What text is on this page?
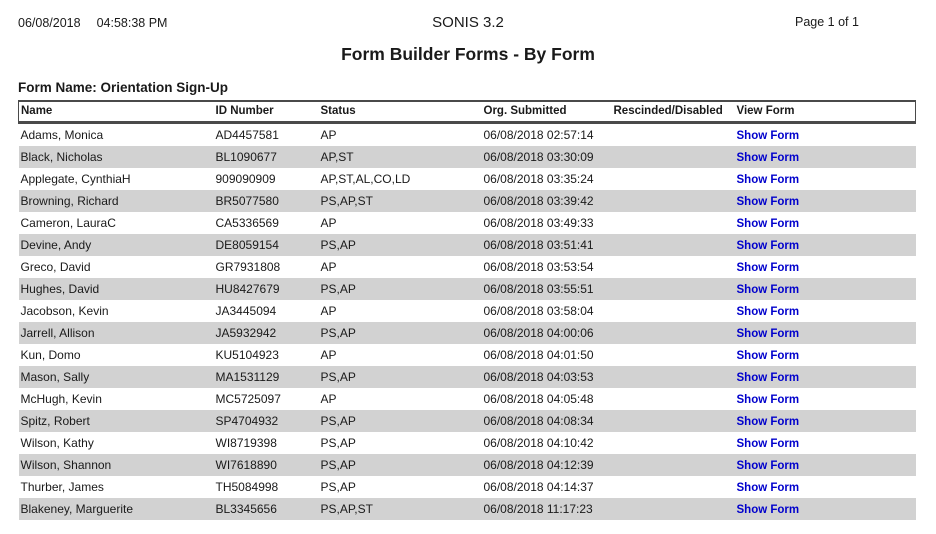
06/08/2018 04:58:38 PM	SONIS 3.2	Page 1 of 1
Form Builder Forms - By Form
Form Name: Orientation Sign-Up
Name	ID Number	Status	Org. Submitted	Rescinded/Disabled	View Form
Adams, Monica	AD4457581	AP	06/08/2018 02:57:14		Show Form
Black, Nicholas	BL1090677	AP,ST	06/08/2018 03:30:09		Show Form
Applegate, CynthiaH	909090909	AP,ST,AL,CO,LD	06/08/2018 03:35:24		Show Form
Browning, Richard	BR5077580	PS,AP,ST	06/08/2018 03:39:42		Show Form
Cameron, LauraC	CA5336569	AP	06/08/2018 03:49:33		Show Form
Devine, Andy	DE8059154	PS,AP	06/08/2018 03:51:41		Show Form
Greco, David	GR7931808	AP	06/08/2018 03:53:54		Show Form
Hughes, David	HU8427679	PS,AP	06/08/2018 03:55:51		Show Form
Jacobson, Kevin	JA3445094	AP	06/08/2018 03:58:04		Show Form
Jarrell, Allison	JA5932942	PS,AP	06/08/2018 04:00:06		Show Form
Kun, Domo	KU5104923	AP	06/08/2018 04:01:50		Show Form
Mason, Sally	MA1531129	PS,AP	06/08/2018 04:03:53		Show Form
McHugh, Kevin	MC5725097	AP	06/08/2018 04:05:48		Show Form
Spitz, Robert	SP4704932	PS,AP	06/08/2018 04:08:34		Show Form
Wilson, Kathy	WI8719398	PS,AP	06/08/2018 04:10:42		Show Form
Wilson, Shannon	WI7618890	PS,AP	06/08/2018 04:12:39		Show Form
Thurber, James	TH5084998	PS,AP	06/08/2018 04:14:37		Show Form
Blakeney, Marguerite	BL3345656	PS,AP,ST	06/08/2018 11:17:23		Show Form
